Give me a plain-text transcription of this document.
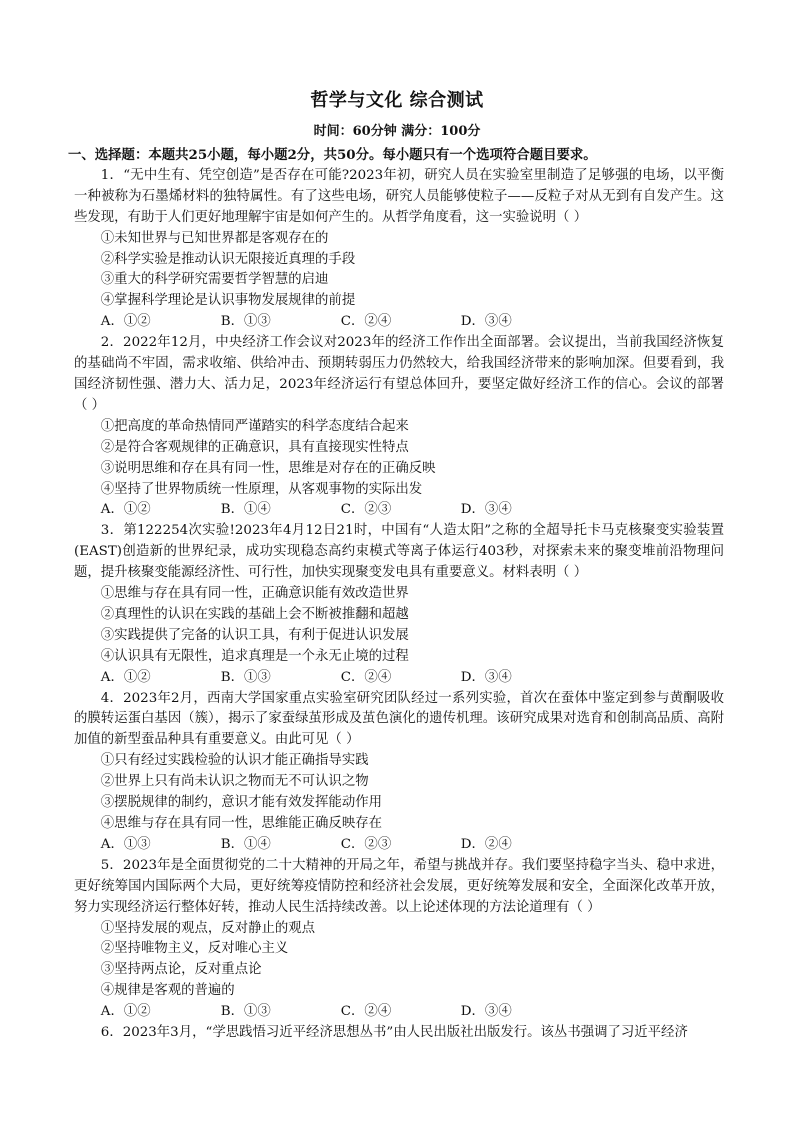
哲学与文化 综合测试
时间：60分钟 满分：100分
一、选择题：本题共25小题，每小题2分，共50分。每小题只有一个选项符合题目要求。
1．“无中生有、凭空创造”是否存在可能?2023年初，研究人员在实验室里制造了足够强的电场，以平衡一种被称为石墨烯材料的独特属性。有了这些电场，研究人员能够使粒子——反粒子对从无到有自发产生。这些发现，有助于人们更好地理解宇宙是如何产生的。从哲学角度看，这一实验说明（ ）
①未知世界与已知世界都是客观存在的
②科学实验是推动认识无限接近真理的手段
③重大的科学研究需要哲学智慧的启迪
④掌握科学理论是认识事物发展规律的前提
A．①②	B．①③	C．②④	D．③④
2．2022年12月，中央经济工作会议对2023年的经济工作作出全面部署。会议提出，当前我国经济恢复的基础尚不牢固，需求收缩、供给冲击、预期转弱压力仍然较大，给我国经济带来的影响加深。但要看到，我国经济韧性强、潜力大、活力足，2023年经济运行有望总体回升，要坚定做好经济工作的信心。会议的部署（ ）
①把高度的革命热情同严谨踏实的科学态度结合起来
②是符合客观规律的正确意识，具有直接现实性特点
③说明思维和存在具有同一性，思维是对存在的正确反映
④坚持了世界物质统一性原理，从客观事物的实际出发
A．①②	B．①④	C．②③	D．③④
3．第122254次实验!2023年4月12日21时，中国有“人造太阳”之称的全超导托卡马克核聚变实验装置(EAST)创造新的世界纪录，成功实现稳态高约束模式等离子体运行403秒，对探索未来的聚变堆前沿物理问题，提升核聚变能源经济性、可行性，加快实现聚变发电具有重要意义。材料表明（ ）
①思维与存在具有同一性，正确意识能有效改造世界
②真理性的认识在实践的基础上会不断被推翻和超越
③实践提供了完备的认识工具，有利于促进认识发展
④认识具有无限性，追求真理是一个永无止境的过程
A．①②	B．①③	C．②④	D．③④
4．2023年2月，西南大学国家重点实验室研究团队经过一系列实验，首次在蚕体中鉴定到参与黄酮吸收的膜转运蛋白基因（簇），揭示了家蚕绿茧形成及茧色演化的遗传机理。该研究成果对选育和创制高品质、高附加值的新型蚕品种具有重要意义。由此可见（ ）
①只有经过实践检验的认识才能正确指导实践
②世界上只有尚未认识之物而无不可认识之物
③摆脱规律的制约，意识才能有效发挥能动作用
④思维与存在具有同一性，思维能正确反映存在
A．①③	B．①④	C．②③	D．②④
5．2023年是全面贯彻党的二十大精神的开局之年，希望与挑战并存。我们要坚持稳字当头、稳中求进，更好统筹国内国际两个大局，更好统筹疫情防控和经济社会发展，更好统筹发展和安全，全面深化改革开放，努力实现经济运行整体好转，推动人民生活持续改善。以上论述体现的方法论道理有（ ）
①坚持发展的观点，反对静止的观点
②坚持唯物主义，反对唯心主义
③坚持两点论，反对重点论
④规律是客观的普遍的
A．①②	B．①③	C．②④	D．③④
6．2023年3月，“学思践悟习近平经济思想丛书”由人民出版社出版发行。该丛书强调了习近平经济
